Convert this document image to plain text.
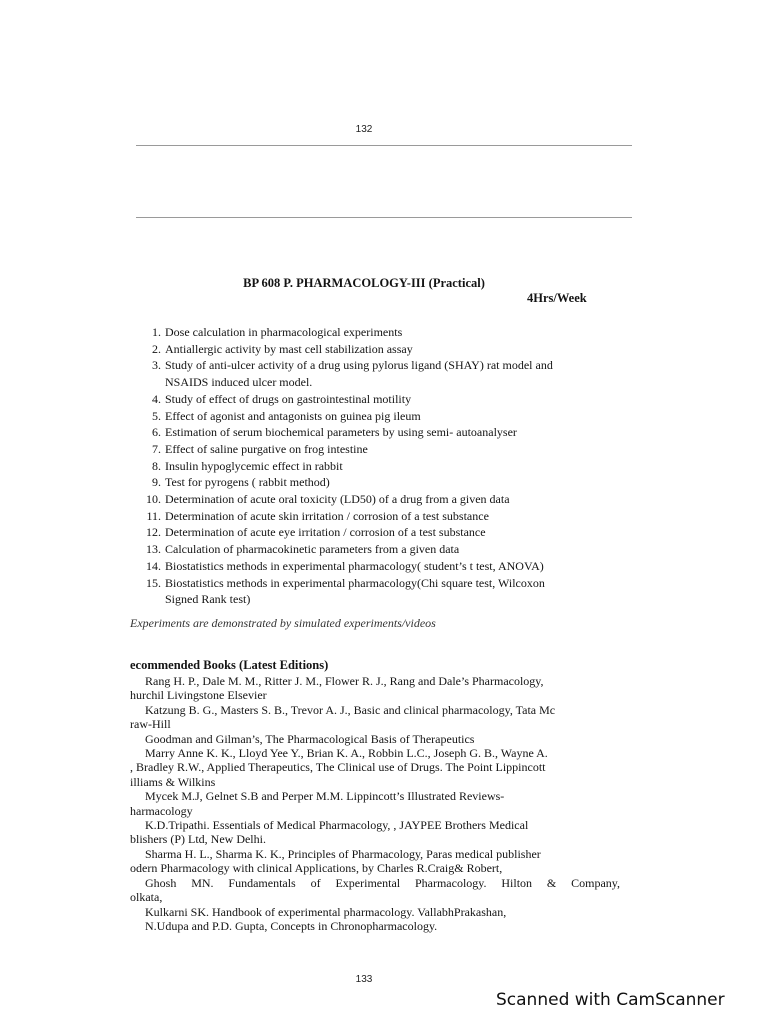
132
BP 608 P. PHARMACOLOGY-III (Practical)
4Hrs/Week
1. Dose calculation in pharmacological experiments
2. Antiallergic activity by mast cell stabilization assay
3. Study of anti-ulcer activity of a drug using pylorus ligand (SHAY) rat model and
NSAIDS induced ulcer model.
4. Study of effect of drugs on gastrointestinal motility
5. Effect of agonist and antagonists on guinea pig ileum
6. Estimation of serum biochemical parameters by using semi- autoanalyser
7. Effect of saline purgative on frog intestine
8. Insulin hypoglycemic effect in rabbit
9. Test for pyrogens ( rabbit method)
10. Determination of acute oral toxicity (LD50) of a drug from a given data
11. Determination of acute skin irritation / corrosion of a test substance
12. Determination of acute eye irritation / corrosion of a test substance
13. Calculation of pharmacokinetic parameters from a given data
14. Biostatistics methods in experimental pharmacology( student’s t test, ANOVA)
15. Biostatistics methods in experimental pharmacology(Chi square test, Wilcoxon
Signed Rank test)
Experiments are demonstrated by simulated experiments/videos
ecommended Books (Latest Editions)
Rang H. P., Dale M. M., Ritter J. M., Flower R. J., Rang and Dale’s Pharmacology,
hurchil Livingstone Elsevier
Katzung B. G., Masters S. B., Trevor A. J., Basic and clinical pharmacology, Tata Mc
raw-Hill
Goodman and Gilman’s, The Pharmacological Basis of Therapeutics
Marry Anne K. K., Lloyd Yee Y., Brian K. A., Robbin L.C., Joseph G. B., Wayne A.
, Bradley R.W., Applied Therapeutics, The Clinical use of Drugs. The Point Lippincott
illiams & Wilkins
Mycek M.J, Gelnet S.B and Perper M.M. Lippincott’s Illustrated Reviews-
harmacology
K.D.Tripathi. Essentials of Medical Pharmacology, , JAYPEE Brothers Medical
blishers (P) Ltd, New Delhi.
Sharma H. L., Sharma K. K., Principles of Pharmacology, Paras medical publisher
odern Pharmacology with clinical Applications, by Charles R.Craig& Robert,
Ghosh MN. Fundamentals of Experimental Pharmacology. Hilton & Company,
olkata,
Kulkarni SK. Handbook of experimental pharmacology. VallabhPrakashan,
N.Udupa and P.D. Gupta, Concepts in Chronopharmacology.
133
Scanned with CamScanner
